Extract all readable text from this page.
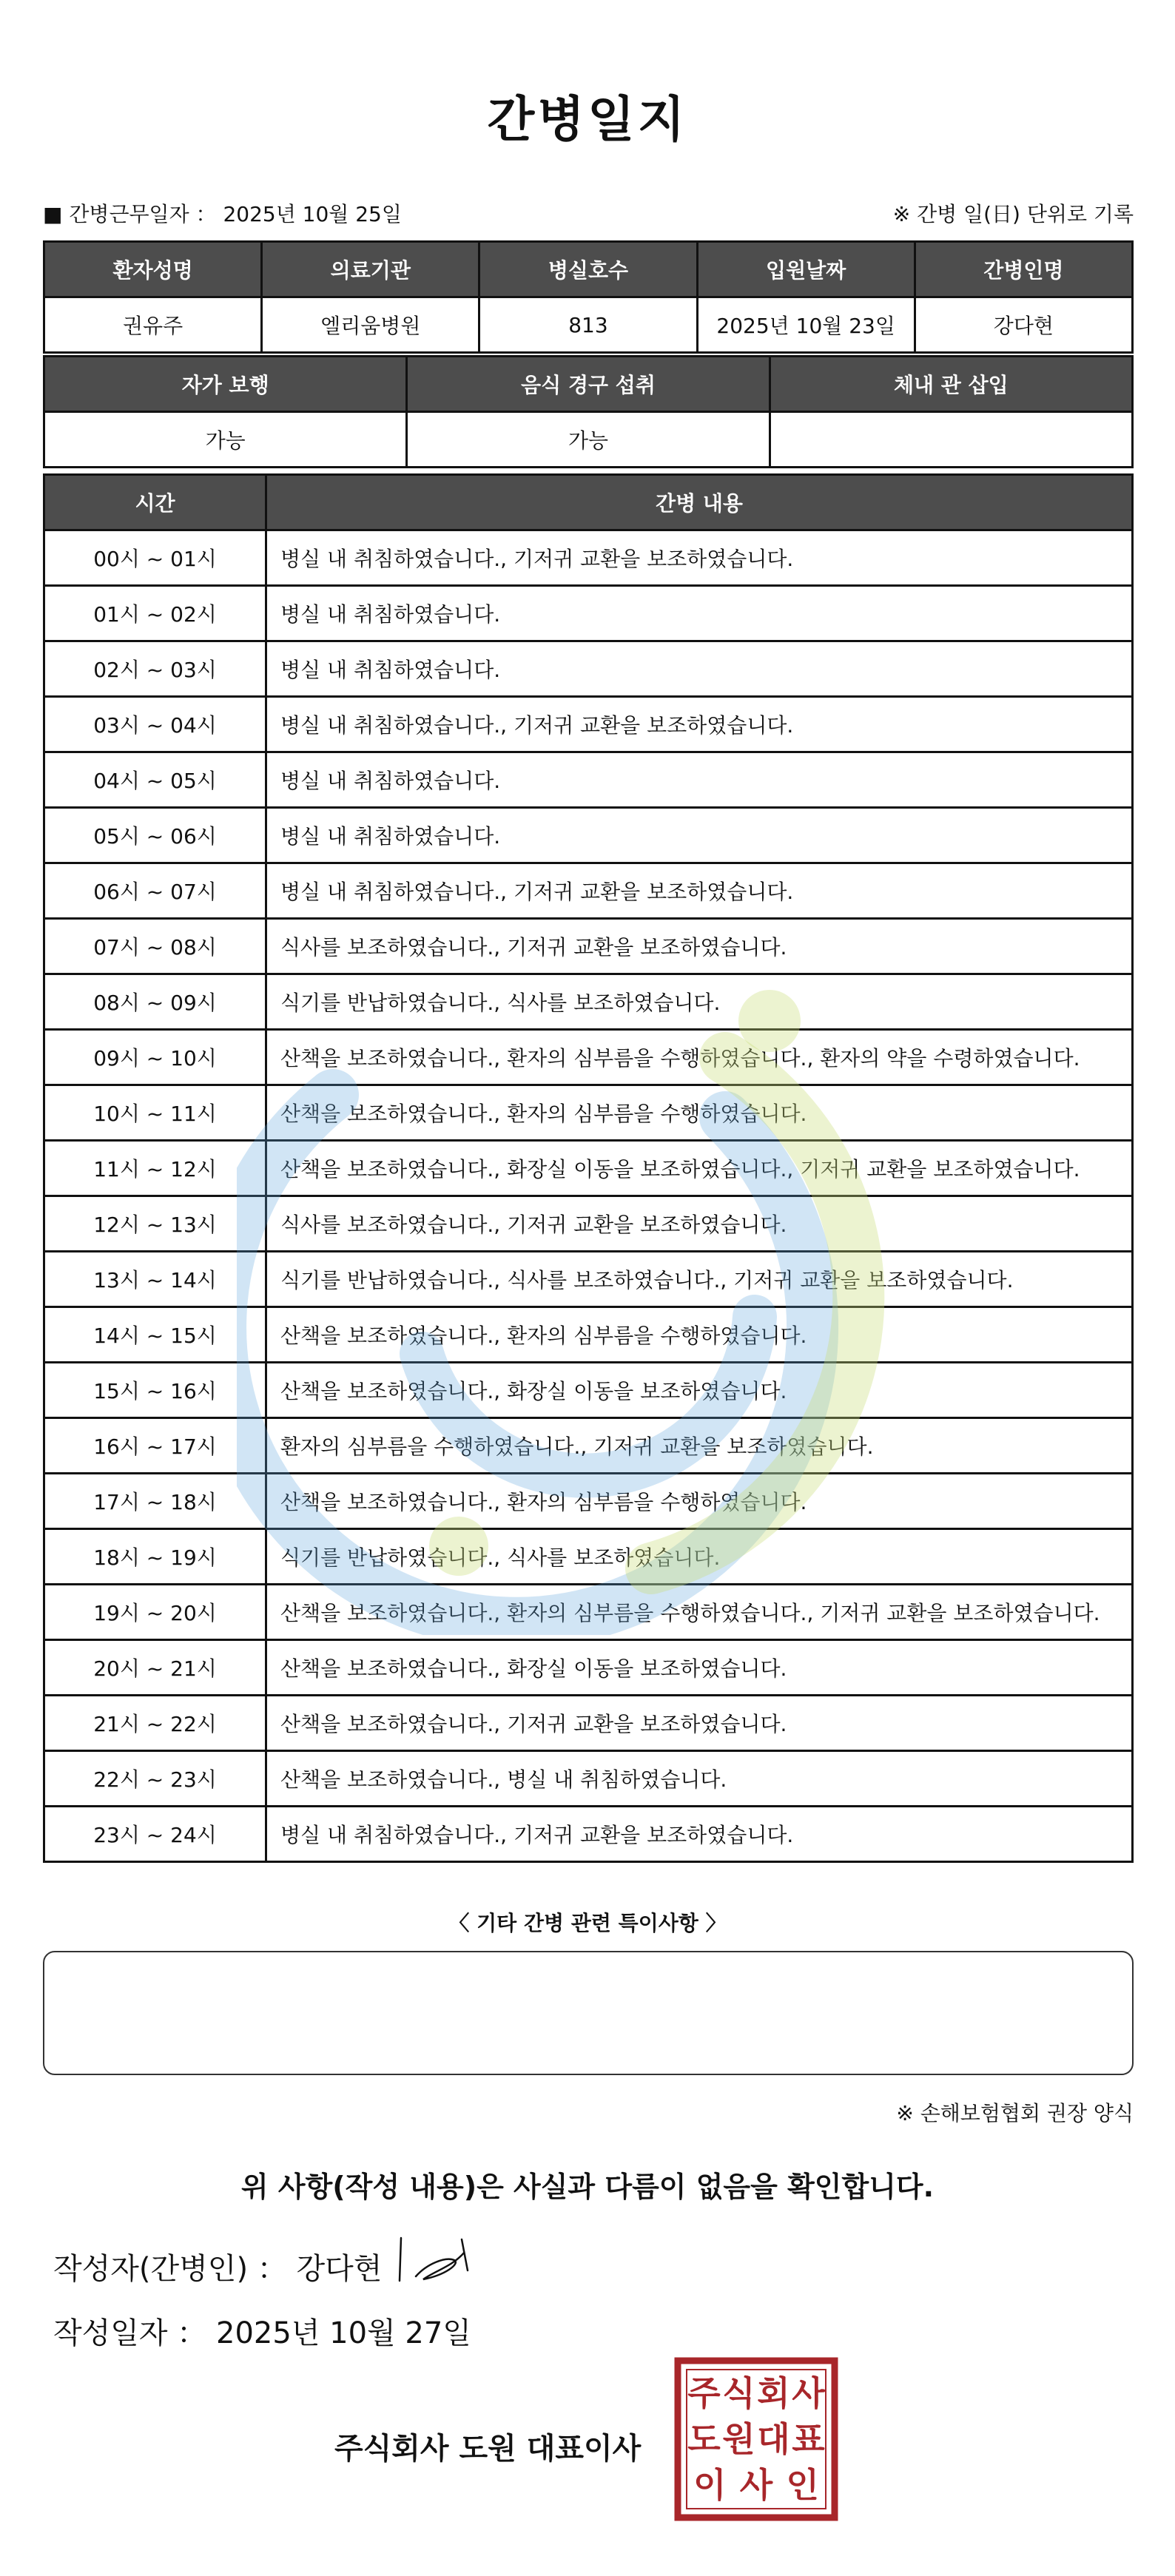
간병일지
■ 간병근무일자 ： 2025년 10월 25일	※ 간병 일(日) 단위로 기록
환자성명	의료기관	병실호수	입원날짜	간병인명
권유주	엘리움병원	813	2025년 10월 23일	강다현
자가 보행	음식 경구 섭취	체내 관 삽입
가능	가능	
시간	간병 내용
00시 ~ 01시	병실 내 취침하였습니다., 기저귀 교환을 보조하였습니다.
01시 ~ 02시	병실 내 취침하였습니다.
02시 ~ 03시	병실 내 취침하였습니다.
03시 ~ 04시	병실 내 취침하였습니다., 기저귀 교환을 보조하였습니다.
04시 ~ 05시	병실 내 취침하였습니다.
05시 ~ 06시	병실 내 취침하였습니다.
06시 ~ 07시	병실 내 취침하였습니다., 기저귀 교환을 보조하였습니다.
07시 ~ 08시	식사를 보조하였습니다., 기저귀 교환을 보조하였습니다.
08시 ~ 09시	식기를 반납하였습니다., 식사를 보조하였습니다.
09시 ~ 10시	산책을 보조하였습니다., 환자의 심부름을 수행하였습니다., 환자의 약을 수령하였습니다.
10시 ~ 11시	산책을 보조하였습니다., 환자의 심부름을 수행하였습니다.
11시 ~ 12시	산책을 보조하였습니다., 화장실 이동을 보조하였습니다., 기저귀 교환을 보조하였습니다.
12시 ~ 13시	식사를 보조하였습니다., 기저귀 교환을 보조하였습니다.
13시 ~ 14시	식기를 반납하였습니다., 식사를 보조하였습니다., 기저귀 교환을 보조하였습니다.
14시 ~ 15시	산책을 보조하였습니다., 환자의 심부름을 수행하였습니다.
15시 ~ 16시	산책을 보조하였습니다., 화장실 이동을 보조하였습니다.
16시 ~ 17시	환자의 심부름을 수행하였습니다., 기저귀 교환을 보조하였습니다.
17시 ~ 18시	산책을 보조하였습니다., 환자의 심부름을 수행하였습니다.
18시 ~ 19시	식기를 반납하였습니다., 식사를 보조하였습니다.
19시 ~ 20시	산책을 보조하였습니다., 환자의 심부름을 수행하였습니다., 기저귀 교환을 보조하였습니다.
20시 ~ 21시	산책을 보조하였습니다., 화장실 이동을 보조하였습니다.
21시 ~ 22시	산책을 보조하였습니다., 기저귀 교환을 보조하였습니다.
22시 ~ 23시	산책을 보조하였습니다., 병실 내 취침하였습니다.
23시 ~ 24시	병실 내 취침하였습니다., 기저귀 교환을 보조하였습니다.
〈 기타 간병 관련 특이사항 〉
※ 손해보험협회 권장 양식
위 사항(작성 내용)은 사실과 다름이 없음을 확인합니다.
작성자(간병인) ： 강다현
작성일자 ： 2025년 10월 27일
주식회사 도원 대표이사
주 식 회 사
도 원 대 표
이 사 인
